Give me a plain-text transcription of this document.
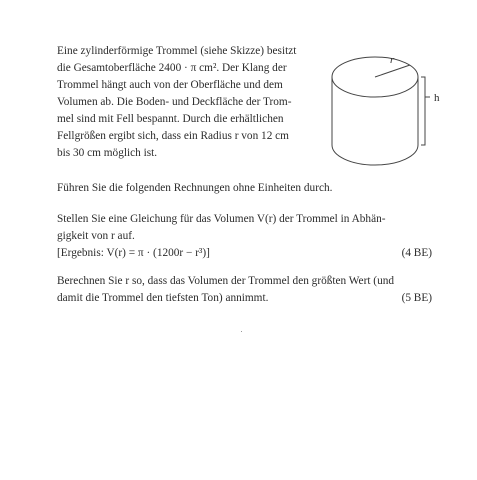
Eine zylinderförmige Trommel (siehe Skizze) besitzt
die Gesamtoberfläche 2400 · π cm². Der Klang der
Trommel hängt auch von der Oberfläche und dem
Volumen ab. Die Boden- und Deckfläche der Trom-
mel sind mit Fell bespannt. Durch die erhältlichen
Fellgrößen ergibt sich, dass ein Radius r von 12 cm
bis 30 cm möglich ist.
r
h
Führen Sie die folgenden Rechnungen ohne Einheiten durch.
Stellen Sie eine Gleichung für das Volumen V(r) der Trommel in Abhän-
gigkeit von r auf.
[Ergebnis: V(r) = π · (1200r − r³)]	(4 BE)
Berechnen Sie r so, dass das Volumen der Trommel den größten Wert (und
damit die Trommel den tiefsten Ton) annimmt.	(5 BE)
